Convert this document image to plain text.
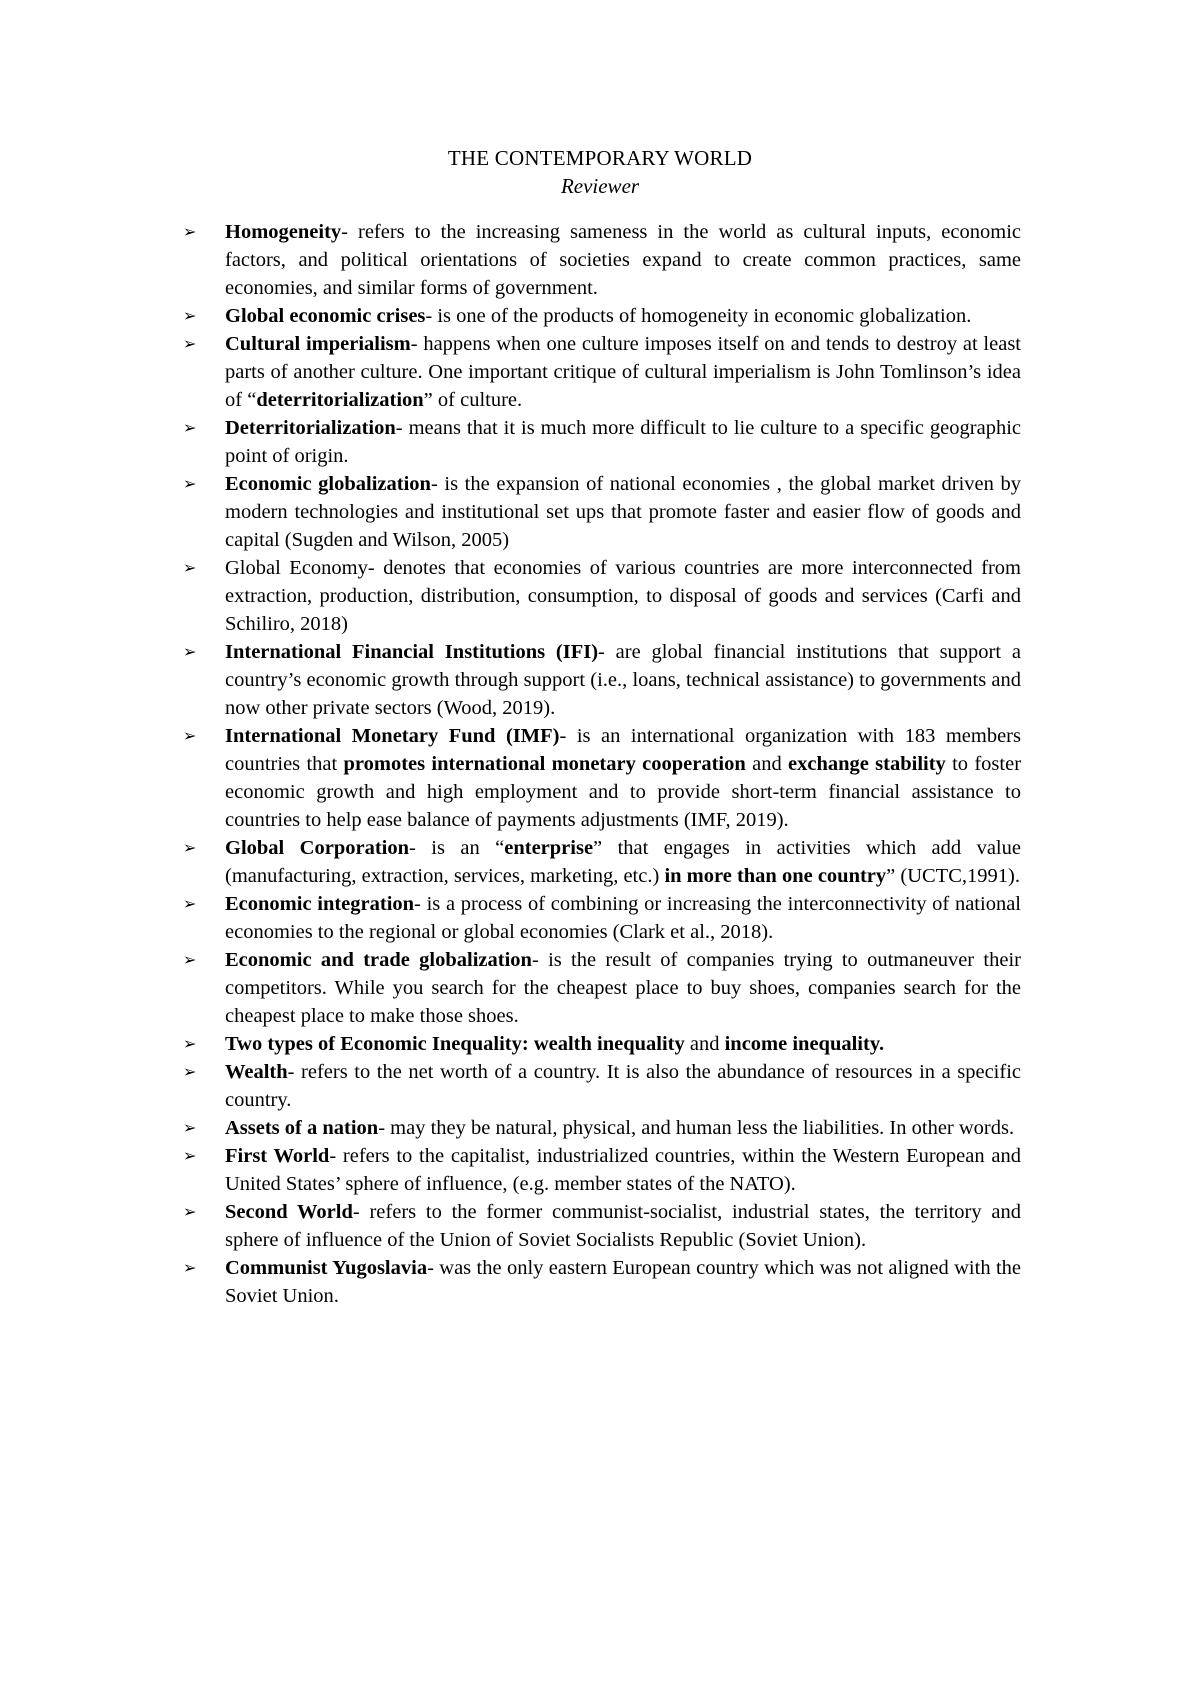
THE CONTEMPORARY WORLD
Reviewer
➢ Homogeneity- refers to the increasing sameness in the world as cultural inputs, economic factors, and political orientations of societies expand to create common practices, same economies, and similar forms of government.
➢ Global economic crises- is one of the products of homogeneity in economic globalization.
➢ Cultural imperialism- happens when one culture imposes itself on and tends to destroy at least parts of another culture. One important critique of cultural imperialism is John Tomlinson’s idea of “deterritorialization” of culture.
➢ Deterritorialization- means that it is much more difficult to lie culture to a specific geographic point of origin.
➢ Economic globalization- is the expansion of national economies , the global market driven by modern technologies and institutional set ups that promote faster and easier flow of goods and capital (Sugden and Wilson, 2005)
➢ Global Economy- denotes that economies of various countries are more interconnected from extraction, production, distribution, consumption, to disposal of goods and services (Carfi and Schiliro, 2018)
➢ International Financial Institutions (IFI)- are global financial institutions that support a country’s economic growth through support (i.e., loans, technical assistance) to governments and now other private sectors (Wood, 2019).
➢ International Monetary Fund (IMF)- is an international organization with 183 members countries that promotes international monetary cooperation and exchange stability to foster economic growth and high employment and to provide short-term financial assistance to countries to help ease balance of payments adjustments (IMF, 2019).
➢ Global Corporation- is an “enterprise” that engages in activities which add value (manufacturing, extraction, services, marketing, etc.) in more than one country” (UCTC,1991).
➢ Economic integration- is a process of combining or increasing the interconnectivity of national economies to the regional or global economies (Clark et al., 2018).
➢ Economic and trade globalization- is the result of companies trying to outmaneuver their competitors. While you search for the cheapest place to buy shoes, companies search for the cheapest place to make those shoes.
➢ Two types of Economic Inequality: wealth inequality and income inequality.
➢ Wealth- refers to the net worth of a country. It is also the abundance of resources in a specific country.
➢ Assets of a nation- may they be natural, physical, and human less the liabilities. In other words.
➢ First World- refers to the capitalist, industrialized countries, within the Western European and United States’ sphere of influence, (e.g. member states of the NATO).
➢ Second World- refers to the former communist-socialist, industrial states, the territory and sphere of influence of the Union of Soviet Socialists Republic (Soviet Union).
➢ Communist Yugoslavia- was the only eastern European country which was not aligned with the Soviet Union.
